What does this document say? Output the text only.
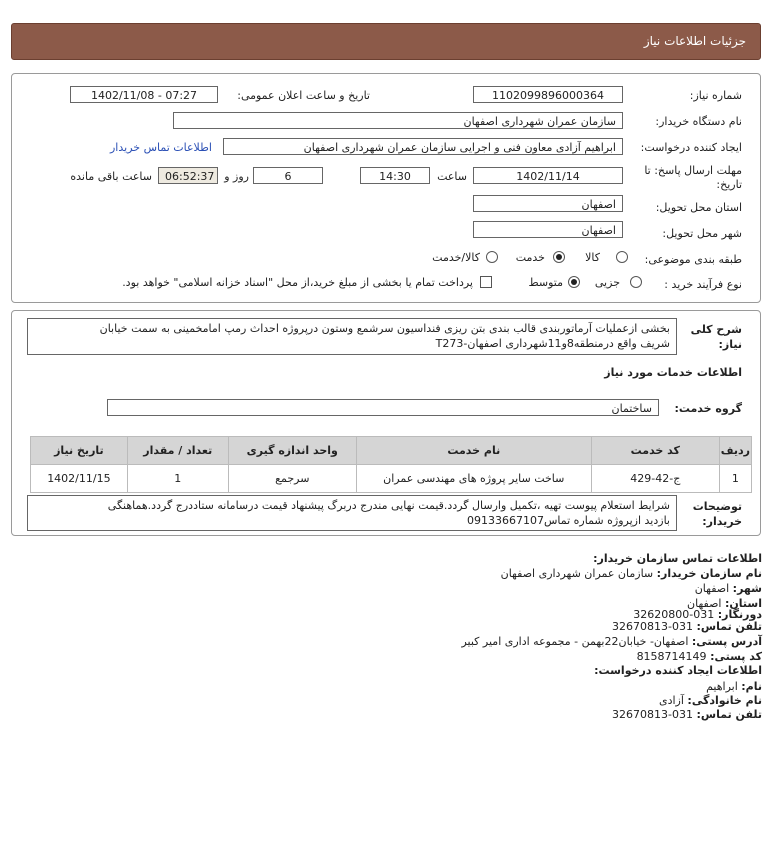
جزئیات اطلاعات نیاز
شماره نیاز:
1102099896000364
تاریخ و ساعت اعلان عمومی:
1402/11/08 - 07:27
نام دستگاه خریدار:
سازمان عمران شهرداری اصفهان
ایجاد کننده درخواست:
ابراهیم آزادی معاون فنی و اجرایی سازمان عمران شهرداری اصفهان
اطلاعات تماس خریدار
مهلت ارسال پاسخ: تا
تاریخ:
1402/11/14
ساعت
14:30
6
روز و
06:52:37
ساعت باقی مانده
استان محل تحویل:
اصفهان
شهر محل تحویل:
اصفهان
طبقه بندی موضوعی:
کالا
خدمت
کالا/خدمت
نوع فرآیند خرید :
جزیی
متوسط
پرداخت تمام یا بخشی از مبلغ خرید،از محل "اسناد خزانه اسلامی" خواهد بود.
شرح کلی
نیاز:
بخشی ازعملیات آرماتوربندی قالب بندی بتن ریزی فنداسیون سرشمع وستون درپروژه احداث رمپ امامخمینی به سمت خیابان
شریف واقع درمنطقه8و11شهرداری اصفهان-T273
اطلاعات خدمات مورد نیاز
گروه خدمت:
ساختمان
ردیف	کد خدمت	نام خدمت	واحد اندازه گیری	تعداد / مقدار	تاریخ نیاز
1	ج-42-429	ساخت سایر پروژه های مهندسی عمران	سرجمع	1	1402/11/15
توضیحات
خریدار:
شرایط استعلام پیوست تهیه ،تکمیل وارسال گردد.قیمت نهایی مندرج دربرگ پیشنهاد قیمت درسامانه ستاددرج گردد.هماهنگی
بازدید ازپروژه شماره تماس09133667107
اطلاعات تماس سازمان خریدار:
نام سازمان خریدار: سازمان عمران شهرداری اصفهان
شهر: اصفهان
استان: اصفهان
دورنگار: 031-32620800
تلفن تماس: 031-32670813
آدرس پستی: اصفهان- خیابان22بهمن - مجموعه اداری امیر کبیر
کد پستی: 8158714149
اطلاعات ایجاد کننده درخواست:
نام: ابراهیم
نام خانوادگی: آزادی
تلفن تماس: 031-32670813
